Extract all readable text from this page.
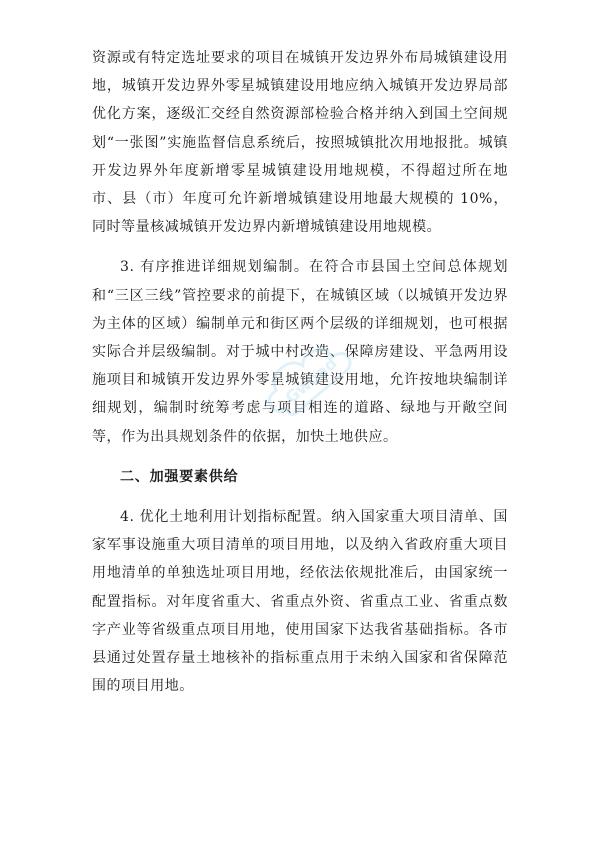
资源或有特定选址要求的项目在城镇开发边界外布局城镇建设用地，城镇开发边界外零星城镇建设用地应纳入城镇开发边界局部优化方案，逐级汇交经自然资源部检验合格并纳入到国土空间规划“一张图”实施监督信息系统后，按照城镇批次用地报批。城镇开发边界外年度新增零星城镇建设用地规模，不得超过所在地市、县（市）年度可允许新增城镇建设用地最大规模的 10%，同时等量核减城镇开发边界内新增城镇建设用地规模。

3. 有序推进详细规划编制。在符合市县国土空间总体规划和“三区三线”管控要求的前提下，在城镇区域（以城镇开发边界为主体的区域）编制单元和街区两个层级的详细规划，也可根据实际合并层级编制。对于城中村改造、保障房建设、平急两用设施项目和城镇开发边界外零星城镇建设用地，允许按地块编制详细规划，编制时统筹考虑与项目相连的道路、绿地与开敞空间等，作为出具规划条件的依据，加快土地供应。

二、加强要素供给

4. 优化土地利用计划指标配置。纳入国家重大项目清单、国家军事设施重大项目清单的项目用地，以及纳入省政府重大项目用地清单的单独选址项目用地，经依法依规批准后，由国家统一配置指标。对年度省重大、省重点外资、省重点工业、省重点数字产业等省级重点项目用地，使用国家下达我省基础指标。各市县通过处置存量土地核补的指标重点用于未纳入国家和省保障范围的项目用地。

Gwoad
